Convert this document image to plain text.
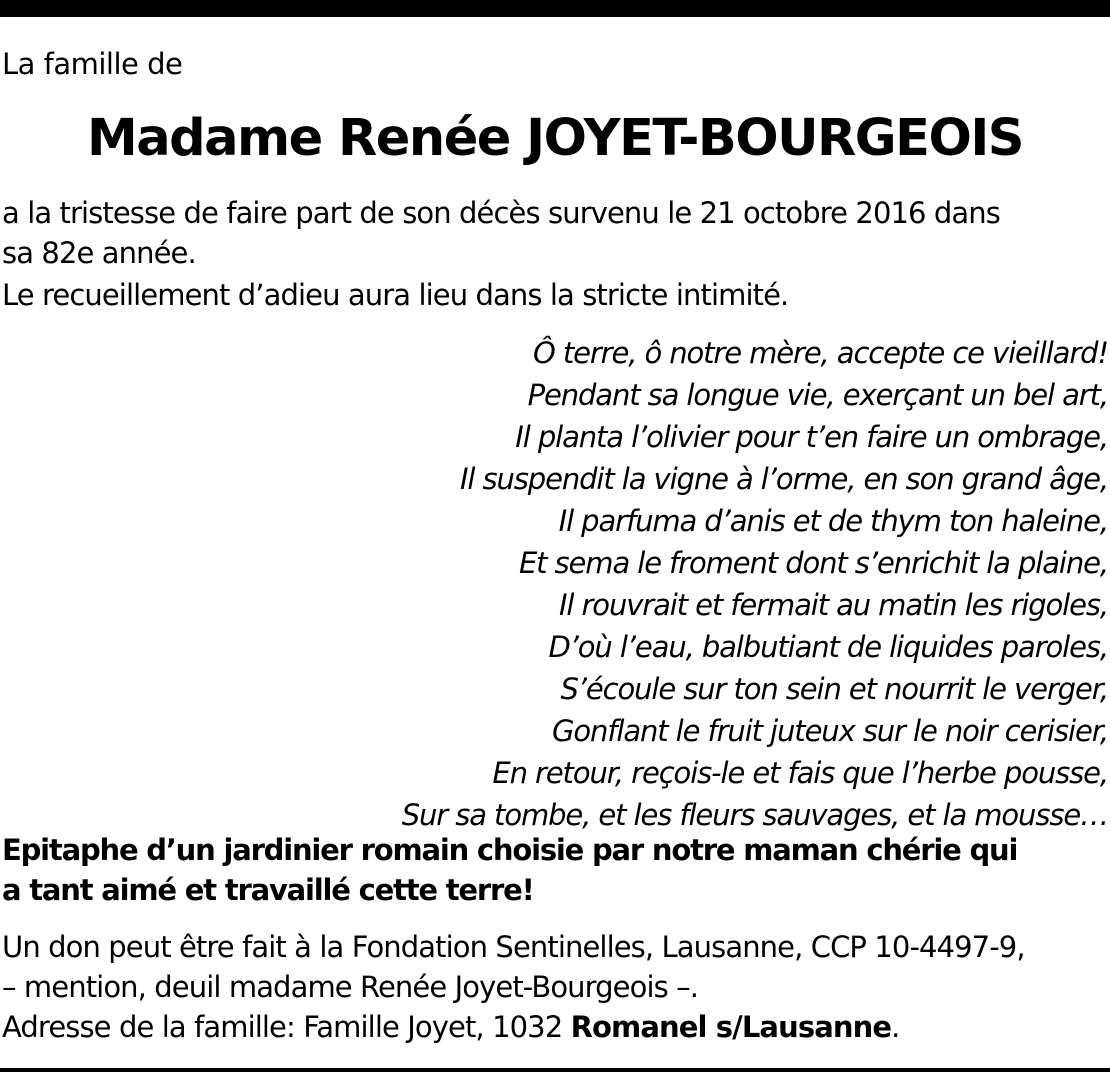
La famille de
Madame Renée JOYET-BOURGEOIS
a la tristesse de faire part de son décès survenu le 21 octobre 2016 dans
sa 82e année.
Le recueillement d’adieu aura lieu dans la stricte intimité.
Ô terre, ô notre mère, accepte ce vieillard!
Pendant sa longue vie, exerçant un bel art,
Il planta l’olivier pour t’en faire un ombrage,
Il suspendit la vigne à l’orme, en son grand âge,
Il parfuma d’anis et de thym ton haleine,
Et sema le froment dont s’enrichit la plaine,
Il rouvrait et fermait au matin les rigoles,
D’où l’eau, balbutiant de liquides paroles,
S’écoule sur ton sein et nourrit le verger,
Gonflant le fruit juteux sur le noir cerisier,
En retour, reçois-le et fais que l’herbe pousse,
Sur sa tombe, et les fleurs sauvages, et la mousse…
Epitaphe d’un jardinier romain choisie par notre maman chérie qui
a tant aimé et travaillé cette terre!
Un don peut être fait à la Fondation Sentinelles, Lausanne, CCP 10-4497-9,
– mention, deuil madame Renée Joyet-Bourgeois –.
Adresse de la famille: Famille Joyet, 1032 Romanel s/Lausanne.
